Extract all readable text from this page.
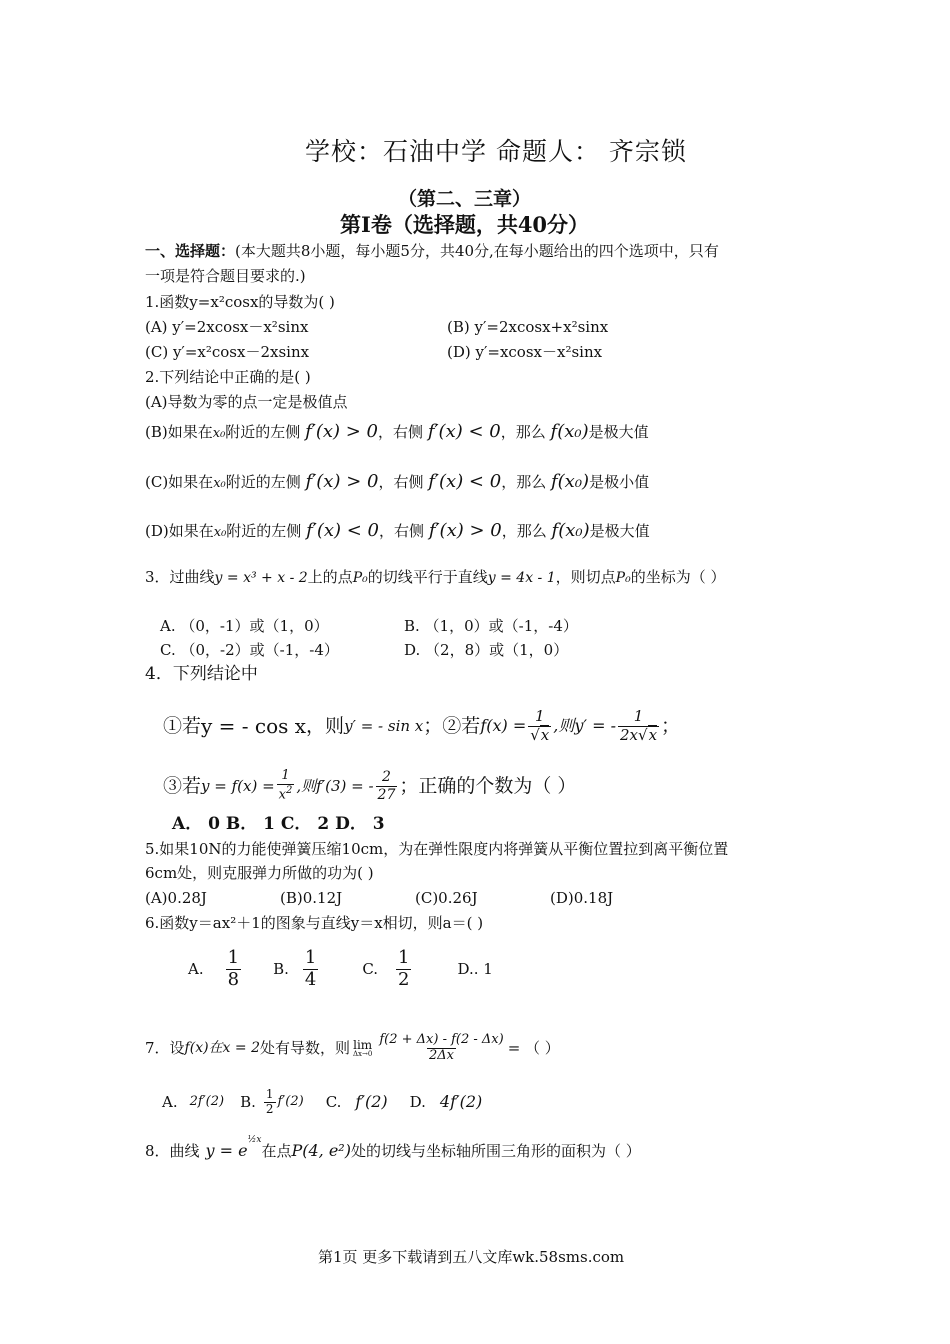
学校：石油中学 命题人： 齐宗锁
（第二、三章）
第Ⅰ卷（选择题，共40分）
一、选择题：(本大题共8小题，每小题5分，共40分,在每小题给出的四个选项中，只有
一项是符合题目要求的.)
1.函数y=x²cosx的导数为( )
(A) y′=2xcosx－x²sinx	(B) y′=2xcosx+x²sinx
(C) y′=x²cosx－2xsinx	(D) y′=xcosx－x²sinx
2.下列结论中正确的是( )
(A)导数为零的点一定是极值点
(B)如果在x₀附近的左侧 f′(x) > 0，右侧 f′(x) < 0，那么 f(x₀)是极大值
(C)如果在x₀附近的左侧 f′(x) > 0，右侧 f′(x) < 0，那么 f(x₀)是极小值
(D)如果在x₀附近的左侧 f′(x) < 0，右侧 f′(x) > 0，那么 f(x₀)是极大值
3．过曲线y = x³ + x - 2上的点P₀的切线平行于直线y = 4x - 1，则切点P₀的坐标为（ ）
A. （0，-1）或（1，0）	B. （1，0）或（-1，-4）
C. （0，-2）或（-1，-4）	D. （2，8）或（1，0）
4．下列结论中
①若 y = - cos x ，则 y′ = - sin x ； ②若 $f(x) = \frac{1}{√x}$ ,则y′ = - $\frac{1}{2x√x}$ ；
③若 $y = f(x) = \frac{1}{x^2}$ ,则f′(3) = - $\frac{2}{27}$ ；正确的个数为（ ）
A． 0 B． 1 C． 2 D． 3
5.如果10N的力能使弹簧压缩10cm，为在弹性限度内将弹簧从平衡位置拉到离平衡位置
6cm处，则克服弹力所做的功为( )
(A)0.28J	(B)0.12J	(C)0.26J	(D)0.18J
6.函数y＝ax²＋1的图象与直线y＝x相切，则a＝( )
A. $\frac{1}{8} B$. $\frac{1}{4}$	C. $\frac{1}{2}$	D.. 1
7．设 f(x)在x = 2 处有导数，则 lim
$\Delta x\to 0 \frac{f(2 + \Delta x) - f(2 - \Delta x)}{2\Delta x}$ = （ ）
A. 2f′(2) B. $\frac{1}{2} f'(2)$ C. f′(2) D. 4f′(2)
8．曲线 y = e
½x
在点 P(4, e²) 处的切线与坐标轴所围三角形的面积为（ ）
第1页 更多下载请到五八文库wk.58sms.com
